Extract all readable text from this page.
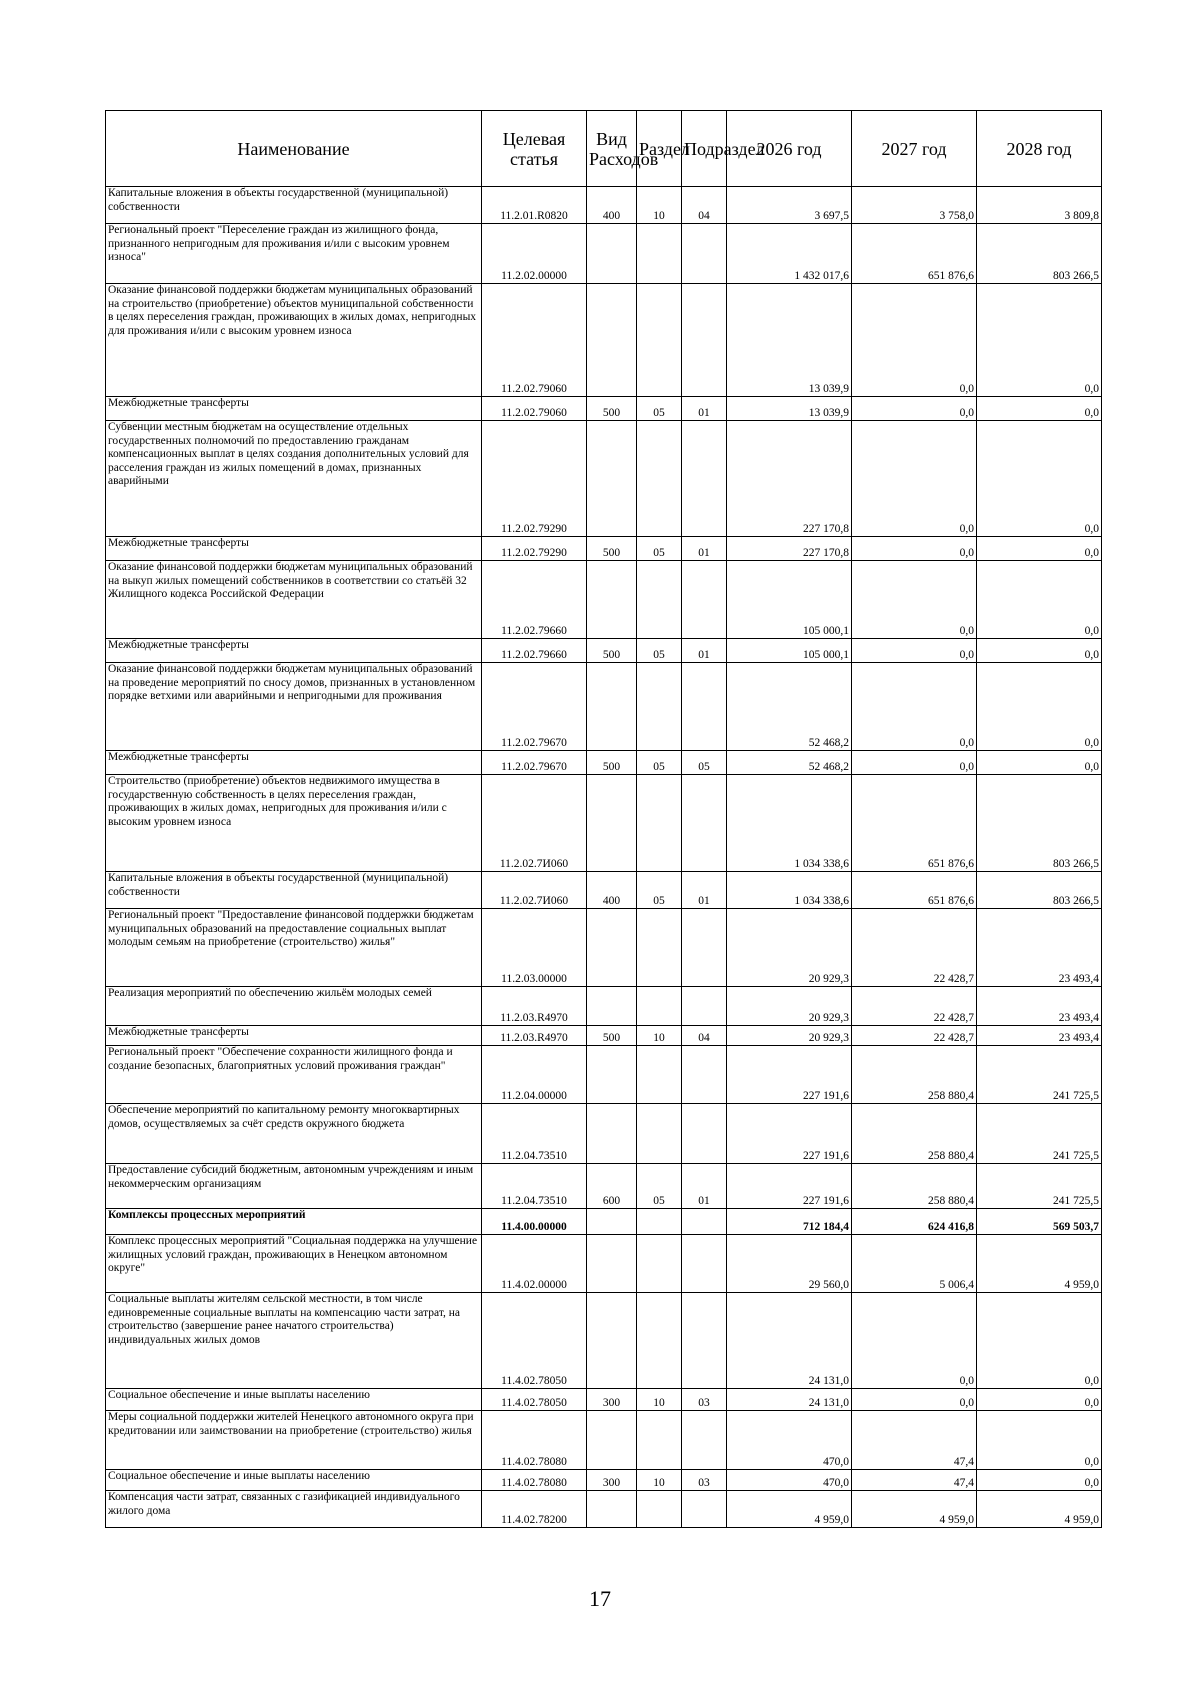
Наименование	Целевая статья	Вид Расходов	Раздел	Подраздел	2026 год	2027 год	2028 год
Капитальные вложения в объекты государственной (муниципальной) собственности	11.2.01.R0820	400	10	04	3 697,5	3 758,0	3 809,8
Региональный проект "Переселение граждан из жилищного фонда, признанного непригодным для проживания и/или с высоким уровнем износа"	11.2.02.00000				1 432 017,6	651 876,6	803 266,5
Оказание финансовой поддержки бюджетам муниципальных образований на строительство (приобретение) объектов муниципальной собственности в целях переселения граждан, проживающих в жилых домах, непригодных для проживания и/или с высоким уровнем износа	11.2.02.79060				13 039,9	0,0	0,0
Межбюджетные трансферты	11.2.02.79060	500	05	01	13 039,9	0,0	0,0
Субвенции местным бюджетам на осуществление отдельных государственных полномочий по предоставлению гражданам компенсационных выплат в целях создания дополнительных условий для расселения граждан из жилых помещений в домах, признанных аварийными	11.2.02.79290				227 170,8	0,0	0,0
Межбюджетные трансферты	11.2.02.79290	500	05	01	227 170,8	0,0	0,0
Оказание финансовой поддержки бюджетам муниципальных образований на выкуп жилых помещений собственников в соответствии со статьёй 32 Жилищного кодекса Российской Федерации	11.2.02.79660				105 000,1	0,0	0,0
Межбюджетные трансферты	11.2.02.79660	500	05	01	105 000,1	0,0	0,0
Оказание финансовой поддержки бюджетам муниципальных образований на проведение мероприятий по сносу домов, признанных в установленном порядке ветхими или аварийными и непригодными для проживания	11.2.02.79670				52 468,2	0,0	0,0
Межбюджетные трансферты	11.2.02.79670	500	05	05	52 468,2	0,0	0,0
Строительство (приобретение) объектов недвижимого имущества в государственную собственность в целях переселения граждан, проживающих в жилых домах, непригодных для проживания и/или с высоким уровнем износа	11.2.02.7И060				1 034 338,6	651 876,6	803 266,5
Капитальные вложения в объекты государственной (муниципальной) собственности	11.2.02.7И060	400	05	01	1 034 338,6	651 876,6	803 266,5
Региональный проект "Предоставление финансовой поддержки бюджетам муниципальных образований на предоставление социальных выплат молодым семьям на приобретение (строительство) жилья"	11.2.03.00000				20 929,3	22 428,7	23 493,4
Реализация мероприятий по обеспечению жильём молодых семей	11.2.03.R4970				20 929,3	22 428,7	23 493,4
Межбюджетные трансферты	11.2.03.R4970	500	10	04	20 929,3	22 428,7	23 493,4
Региональный проект "Обеспечение сохранности жилищного фонда и создание безопасных, благоприятных условий проживания граждан"	11.2.04.00000				227 191,6	258 880,4	241 725,5
Обеспечение мероприятий по капитальному ремонту многоквартирных домов, осуществляемых за счёт средств окружного бюджета	11.2.04.73510				227 191,6	258 880,4	241 725,5
Предоставление субсидий бюджетным, автономным учреждениям и иным некоммерческим организациям	11.2.04.73510	600	05	01	227 191,6	258 880,4	241 725,5
Комплексы процессных мероприятий	11.4.00.00000				712 184,4	624 416,8	569 503,7
Комплекс процессных мероприятий "Социальная поддержка на улучшение жилищных условий граждан, проживающих в Ненецком автономном округе"	11.4.02.00000				29 560,0	5 006,4	4 959,0
Социальные выплаты жителям сельской местности, в том числе единовременные социальные выплаты на компенсацию части затрат, на строительство (завершение ранее начатого строительства) индивидуальных жилых домов	11.4.02.78050				24 131,0	0,0	0,0
Социальное обеспечение и иные выплаты населению	11.4.02.78050	300	10	03	24 131,0	0,0	0,0
Меры социальной поддержки жителей Ненецкого автономного округа при кредитовании или заимствовании на приобретение (строительство) жилья	11.4.02.78080				470,0	47,4	0,0
Социальное обеспечение и иные выплаты населению	11.4.02.78080	300	10	03	470,0	47,4	0,0
Компенсация части затрат, связанных с газификацией индивидуального жилого дома	11.4.02.78200				4 959,0	4 959,0	4 959,0
17
